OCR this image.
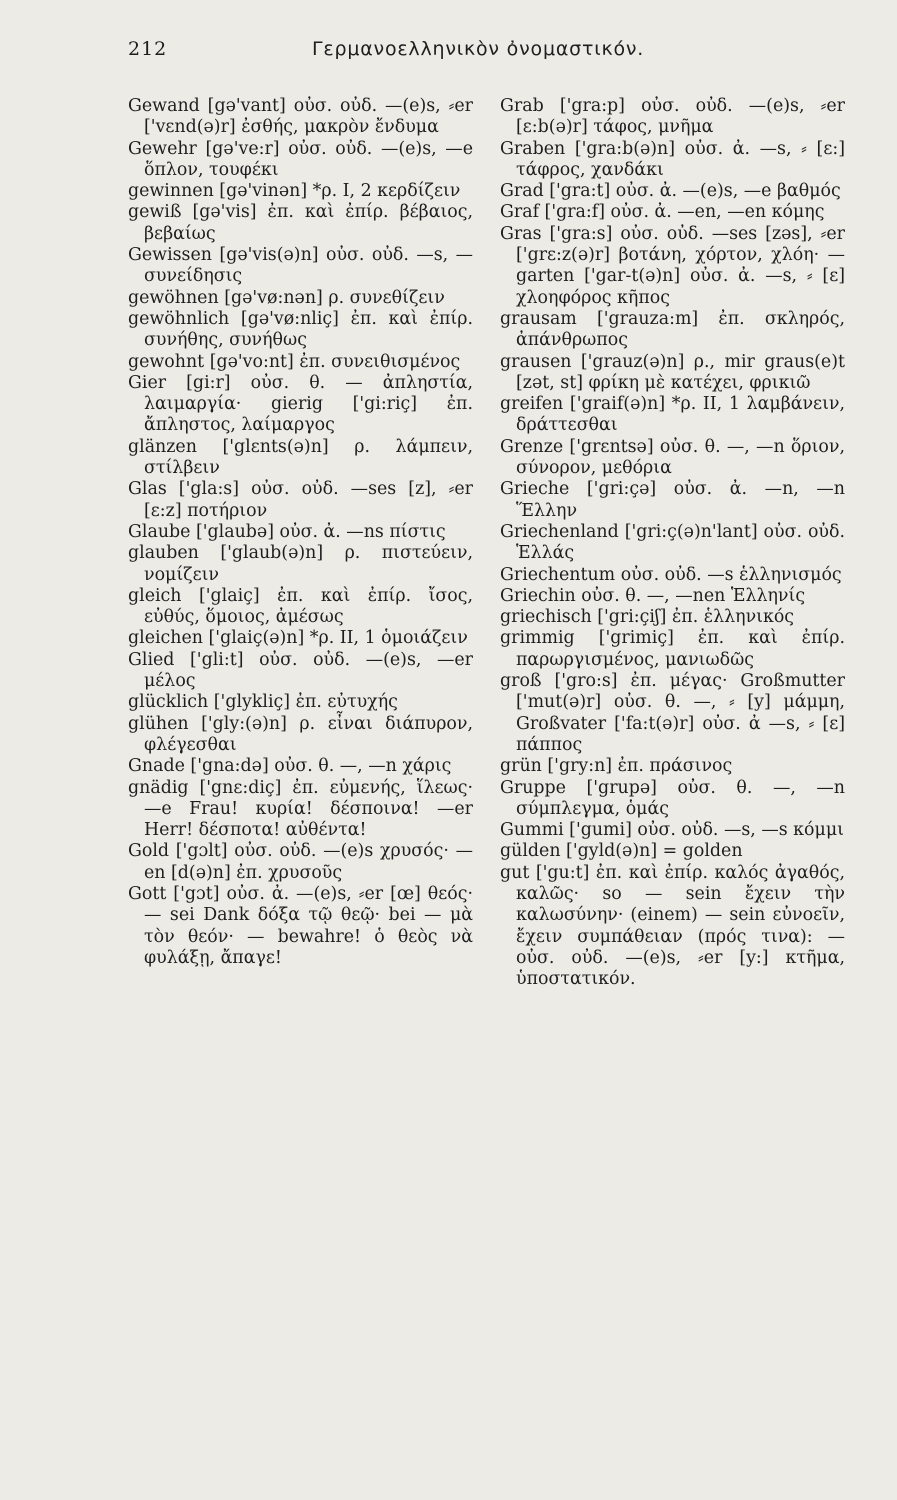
212	Γερμανοελληνικὸν ὀνομαστικόν.
Gewand [gə'vant] οὐσ. οὐδ. —(e)s, ⸗er ['vɛnd(ə)r] ἐσθής, μακρὸν ἔνδυμα
Gewehr [gə've:r] οὐσ. οὐδ. —(e)s, —e ὅπλον, τουφέκι
gewinnen [gə'vinən] *ρ. I, 2 κερδίζειν
gewiß [gə'vis] ἐπ. καὶ ἐπίρ. βέβαιος, βεβαίως
Gewissen [gə'vis(ə)n] οὐσ. οὐδ. —s, — συνείδησις
gewöhnen [gə'vø:nən] ρ. συνεθίζειν
gewöhnlich [gə'vø:nliç] ἐπ. καὶ ἐπίρ. συνήθης, συνήθως
gewohnt [gə'vo:nt] ἐπ. συνειθισμένος
Gier [gi:r] οὐσ. θ. — ἀπληστία, λαιμαργία· gierig ['gi:riç] ἐπ. ἄπληστος, λαίμαργος
glänzen ['glɛnts(ə)n] ρ. λάμπειν, στίλβειν
Glas ['gla:s] οὐσ. οὐδ. —ses [z], ⸗er [ɛ:z] ποτήριον
Glaube ['glaubə] οὐσ. ἀ. —ns πίστις
glauben ['glaub(ə)n] ρ. πιστεύειν, νομίζειν
gleich ['glaiç] ἐπ. καὶ ἐπίρ. ἴσος, εὐθύς, ὅμοιος, ἀμέσως
gleichen ['glaiç(ə)n] *ρ. II, 1 ὁμοιάζειν
Glied ['gli:t] οὐσ. οὐδ. —(e)s, —er μέλος
glücklich ['glykliç] ἐπ. εὐτυχής
glühen ['gly:(ə)n] ρ. εἶναι διάπυρον, φλέγεσθαι
Gnade ['gna:də] οὐσ. θ. —, —n χάρις
gnädig ['gnɛ:diç] ἐπ. εὐμενής, ἵλεως· —e Frau! κυρία! δέσποινα! —er Herr! δέσποτα! αὐθέντα!
Gold ['gɔlt] οὐσ. οὐδ. —(e)s χρυσός· —en [d(ə)n] ἐπ. χρυσοῦς
Gott ['gɔt] οὐσ. ἀ. —(e)s, ⸗er [œ] θεός· — sei Dank δόξα τῷ θεῷ· bei — μὰ τὸν θεόν· — bewahre! ὁ θεὸς νὰ φυλάξῃ, ἄπαγε!
Grab ['gra:p] οὐσ. οὐδ. —(e)s, ⸗er [ɛ:b(ə)r] τάφος, μνῆμα
Graben ['gra:b(ə)n] οὐσ. ἀ. —s, ⸗ [ɛ:] τάφρος, χανδάκι
Grad ['gra:t] οὐσ. ἀ. —(e)s, —e βαθμός
Graf ['gra:f] οὐσ. ἀ. —en, —en κόμης
Gras ['gra:s] οὐσ. οὐδ. —ses [zəs], ⸗er ['grɛ:z(ə)r] βοτάνη, χόρτον, χλόη· —garten ['gar-t(ə)n] οὐσ. ἀ. —s, ⸗ [ɛ] χλοηφόρος κῆπος
grausam ['grauza:m] ἐπ. σκληρός, ἀπάνθρωπος
grausen ['grauz(ə)n] ρ., mir graus(e)t [zət, st] φρίκη μὲ κατέχει, φρικιῶ
greifen ['graif(ə)n] *ρ. II, 1 λαμβάνειν, δράττεσθαι
Grenze ['grɛntsə] οὐσ. θ. —, —n ὅριον, σύνορον, μεθόρια
Grieche ['gri:çə] οὐσ. ἀ. —n, —n Ἕλλην
Griechenland ['gri:ç(ə)n'lant] οὐσ. οὐδ. Ἑλλάς
Griechentum οὐσ. οὐδ. —s ἑλληνισμός
Griechin οὐσ. θ. —, —nen Ἑλληνίς
griechisch ['gri:çiʃ] ἐπ. ἑλληνικός
grimmig ['grimiç] ἐπ. καὶ ἐπίρ. παρωργισμένος, μανιωδῶς
groß ['gro:s] ἐπ. μέγας· Großmutter ['mut(ə)r] οὐσ. θ. —, ⸗ [y] μάμμη, Großvater ['fa:t(ə)r] οὐσ. ἀ —s, ⸗ [ɛ] πάππος
grün ['gry:n] ἐπ. πράσινος
Gruppe ['grupə] οὐσ. θ. —, —n σύμπλεγμα, ὁμάς
Gummi ['gumi] οὐσ. οὐδ. —s, —s κόμμι
gülden ['gyld(ə)n] = golden
gut ['gu:t] ἐπ. καὶ ἐπίρ. καλός ἀγαθός, καλῶς· so — sein ἔχειν τὴν καλωσύνην· (einem) — sein εὐνοεῖν, ἔχειν συμπάθειαν (πρός τινα): — οὐσ. οὐδ. —(e)s, ⸗er [y:] κτῆμα, ὑποστατικόν.
